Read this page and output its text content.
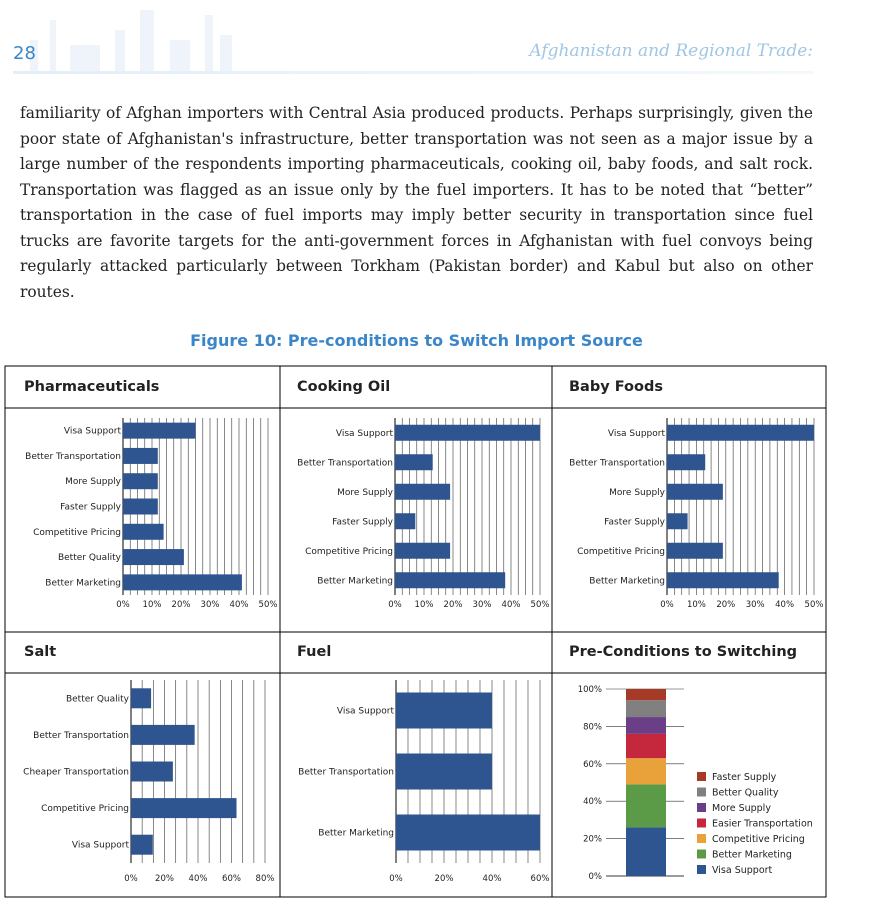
28	Afghanistan and Regional Trade:
familiarity of Afghan importers with Central Asia produced products. Perhaps surprisingly, given the poor state of Afghanistan's infrastructure, better transportation was not seen as a major issue by a large number of the respondents importing pharmaceuticals, cooking oil, baby foods, and salt rock. Transportation was flagged as an issue only by the fuel importers. It has to be noted that “better” transportation in the case of fuel imports may imply better security in transportation since fuel trucks are favorite targets for the anti-government forces in Afghanistan with fuel convoys being regularly attacked particularly between Torkham (Pakistan border) and Kabul but also on other routes.
Figure 10: Pre-conditions to Switch Import Source
Visa Support
Better Transportation
More Supply
Faster Supply
Competitive Pricing
Better Quality
Better Marketing
0% 10% 20% 30% 40% 50%
Visa Support
Better Transportation
More Supply
Faster Supply
Competitive Pricing
Better Marketing
0% 10% 20% 30% 40% 50%
Visa Support
Better Transportation
More Supply
Faster Supply
Competitive Pricing
Better Marketing
0% 10% 20% 30% 40% 50%
Better Quality
Better Transportation
Cheaper Transportation
Competitive Pricing
Visa Support
0% 20% 40% 60% 80%
Visa Support
Better Transportation
Better Marketing
0%	20%	40%	60%	0%
20%
40%
60%
80%
100%
Faster Supply
Better Quality
More Supply
Easier Transportation
Competitive Pricing
Better Marketing
Visa Support
Pharmaceuticals	Cooking Oil	Baby Foods
Salt	Fuel	Pre-Conditions to Switching
